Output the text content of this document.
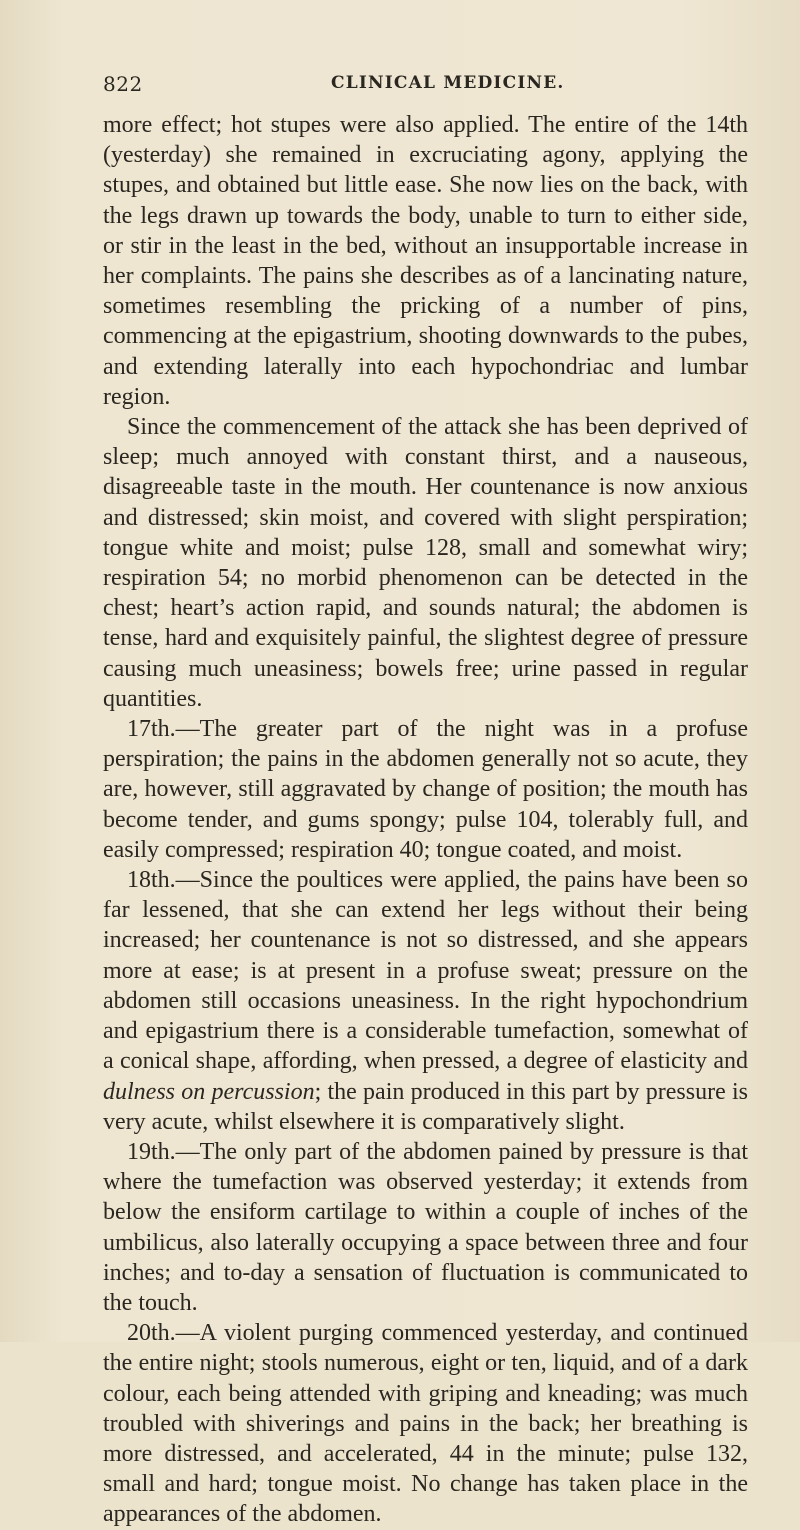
822	CLINICAL MEDICINE.

more effect; hot stupes were also applied. The entire of the 14th (yesterday) she remained in excruciating agony, applying the stupes, and obtained but little ease. She now lies on the back, with the legs drawn up towards the body, unable to turn to either side, or stir in the least in the bed, without an insupportable increase in her complaints. The pains she describes as of a lancinating nature, sometimes resembling the pricking of a number of pins, commencing at the epigastrium, shooting downwards to the pubes, and extending laterally into each hypochondriac and lumbar region.

Since the commencement of the attack she has been deprived of sleep; much annoyed with constant thirst, and a nauseous, disagreeable taste in the mouth. Her countenance is now anxious and distressed; skin moist, and covered with slight perspiration; tongue white and moist; pulse 128, small and somewhat wiry; respiration 54; no morbid phenomenon can be detected in the chest; heart’s action rapid, and sounds natural; the abdomen is tense, hard and exquisitely painful, the slightest degree of pressure causing much uneasiness; bowels free; urine passed in regular quantities.

17th.—The greater part of the night was in a profuse perspiration; the pains in the abdomen generally not so acute, they are, however, still aggravated by change of position; the mouth has become tender, and gums spongy; pulse 104, tolerably full, and easily compressed; respiration 40; tongue coated, and moist.

18th.—Since the poultices were applied, the pains have been so far lessened, that she can extend her legs without their being increased; her countenance is not so distressed, and she appears more at ease; is at present in a profuse sweat; pressure on the abdomen still occasions uneasiness. In the right hypochondrium and epigastrium there is a considerable tumefaction, somewhat of a conical shape, affording, when pressed, a degree of elasticity and dulness on percussion; the pain produced in this part by pressure is very acute, whilst elsewhere it is comparatively slight.

19th.—The only part of the abdomen pained by pressure is that where the tumefaction was observed yesterday; it extends from below the ensiform cartilage to within a couple of inches of the umbilicus, also laterally occupying a space between three and four inches; and to-day a sensation of fluctuation is communicated to the touch.

20th.—A violent purging commenced yesterday, and continued the entire night; stools numerous, eight or ten, liquid, and of a dark colour, each being attended with griping and kneading; was much troubled with shiverings and pains in the back; her breathing is more distressed, and accelerated, 44 in the minute; pulse 132, small and hard; tongue moist. No change has taken place in the appearances of the abdomen.
